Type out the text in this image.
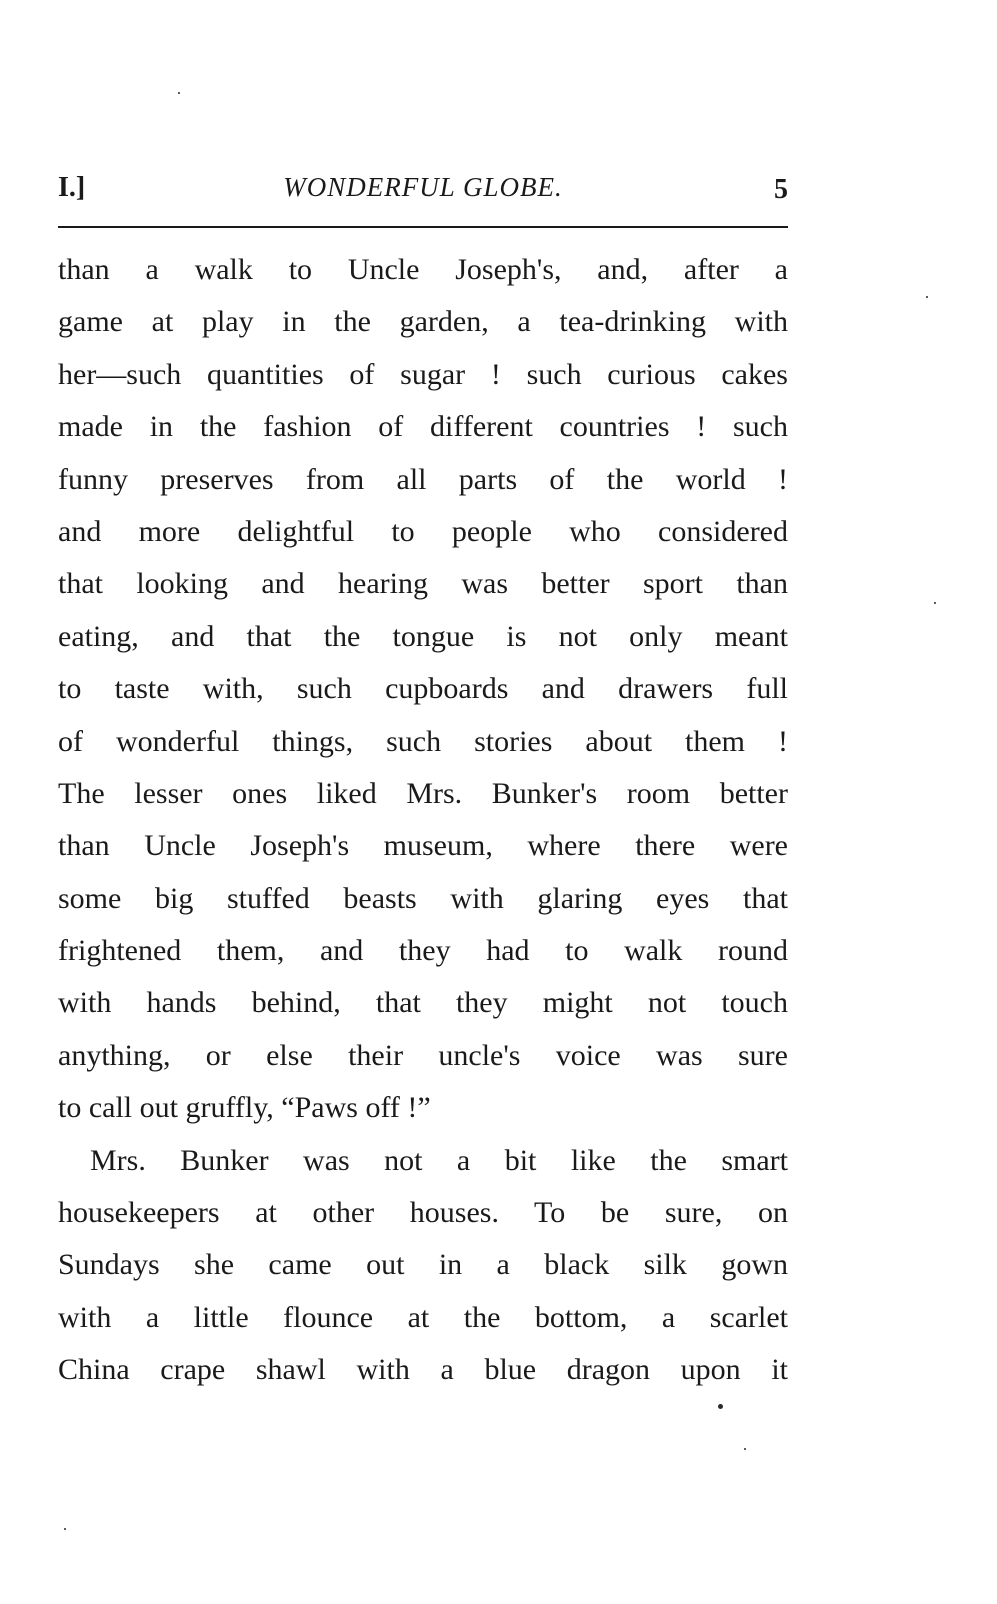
I.]	WONDERFUL GLOBE.	5
than a walk to Uncle Joseph's, and, after a
game at play in the garden, a tea-drinking with
her—such quantities of sugar ! such curious cakes
made in the fashion of different countries ! such
funny preserves from all parts of the world !
and more delightful to people who considered
that looking and hearing was better sport than
eating, and that the tongue is not only meant
to taste with, such cupboards and drawers full
of wonderful things, such stories about them !
The lesser ones liked Mrs. Bunker's room better
than Uncle Joseph's museum, where there were
some big stuffed beasts with glaring eyes that
frightened them, and they had to walk round
with hands behind, that they might not touch
anything, or else their uncle's voice was sure
to call out gruffly, “Paws off !”
Mrs. Bunker was not a bit like the smart
housekeepers at other houses. To be sure, on
Sundays she came out in a black silk gown
with a little flounce at the bottom, a scarlet
China crape shawl with a blue dragon upon it
